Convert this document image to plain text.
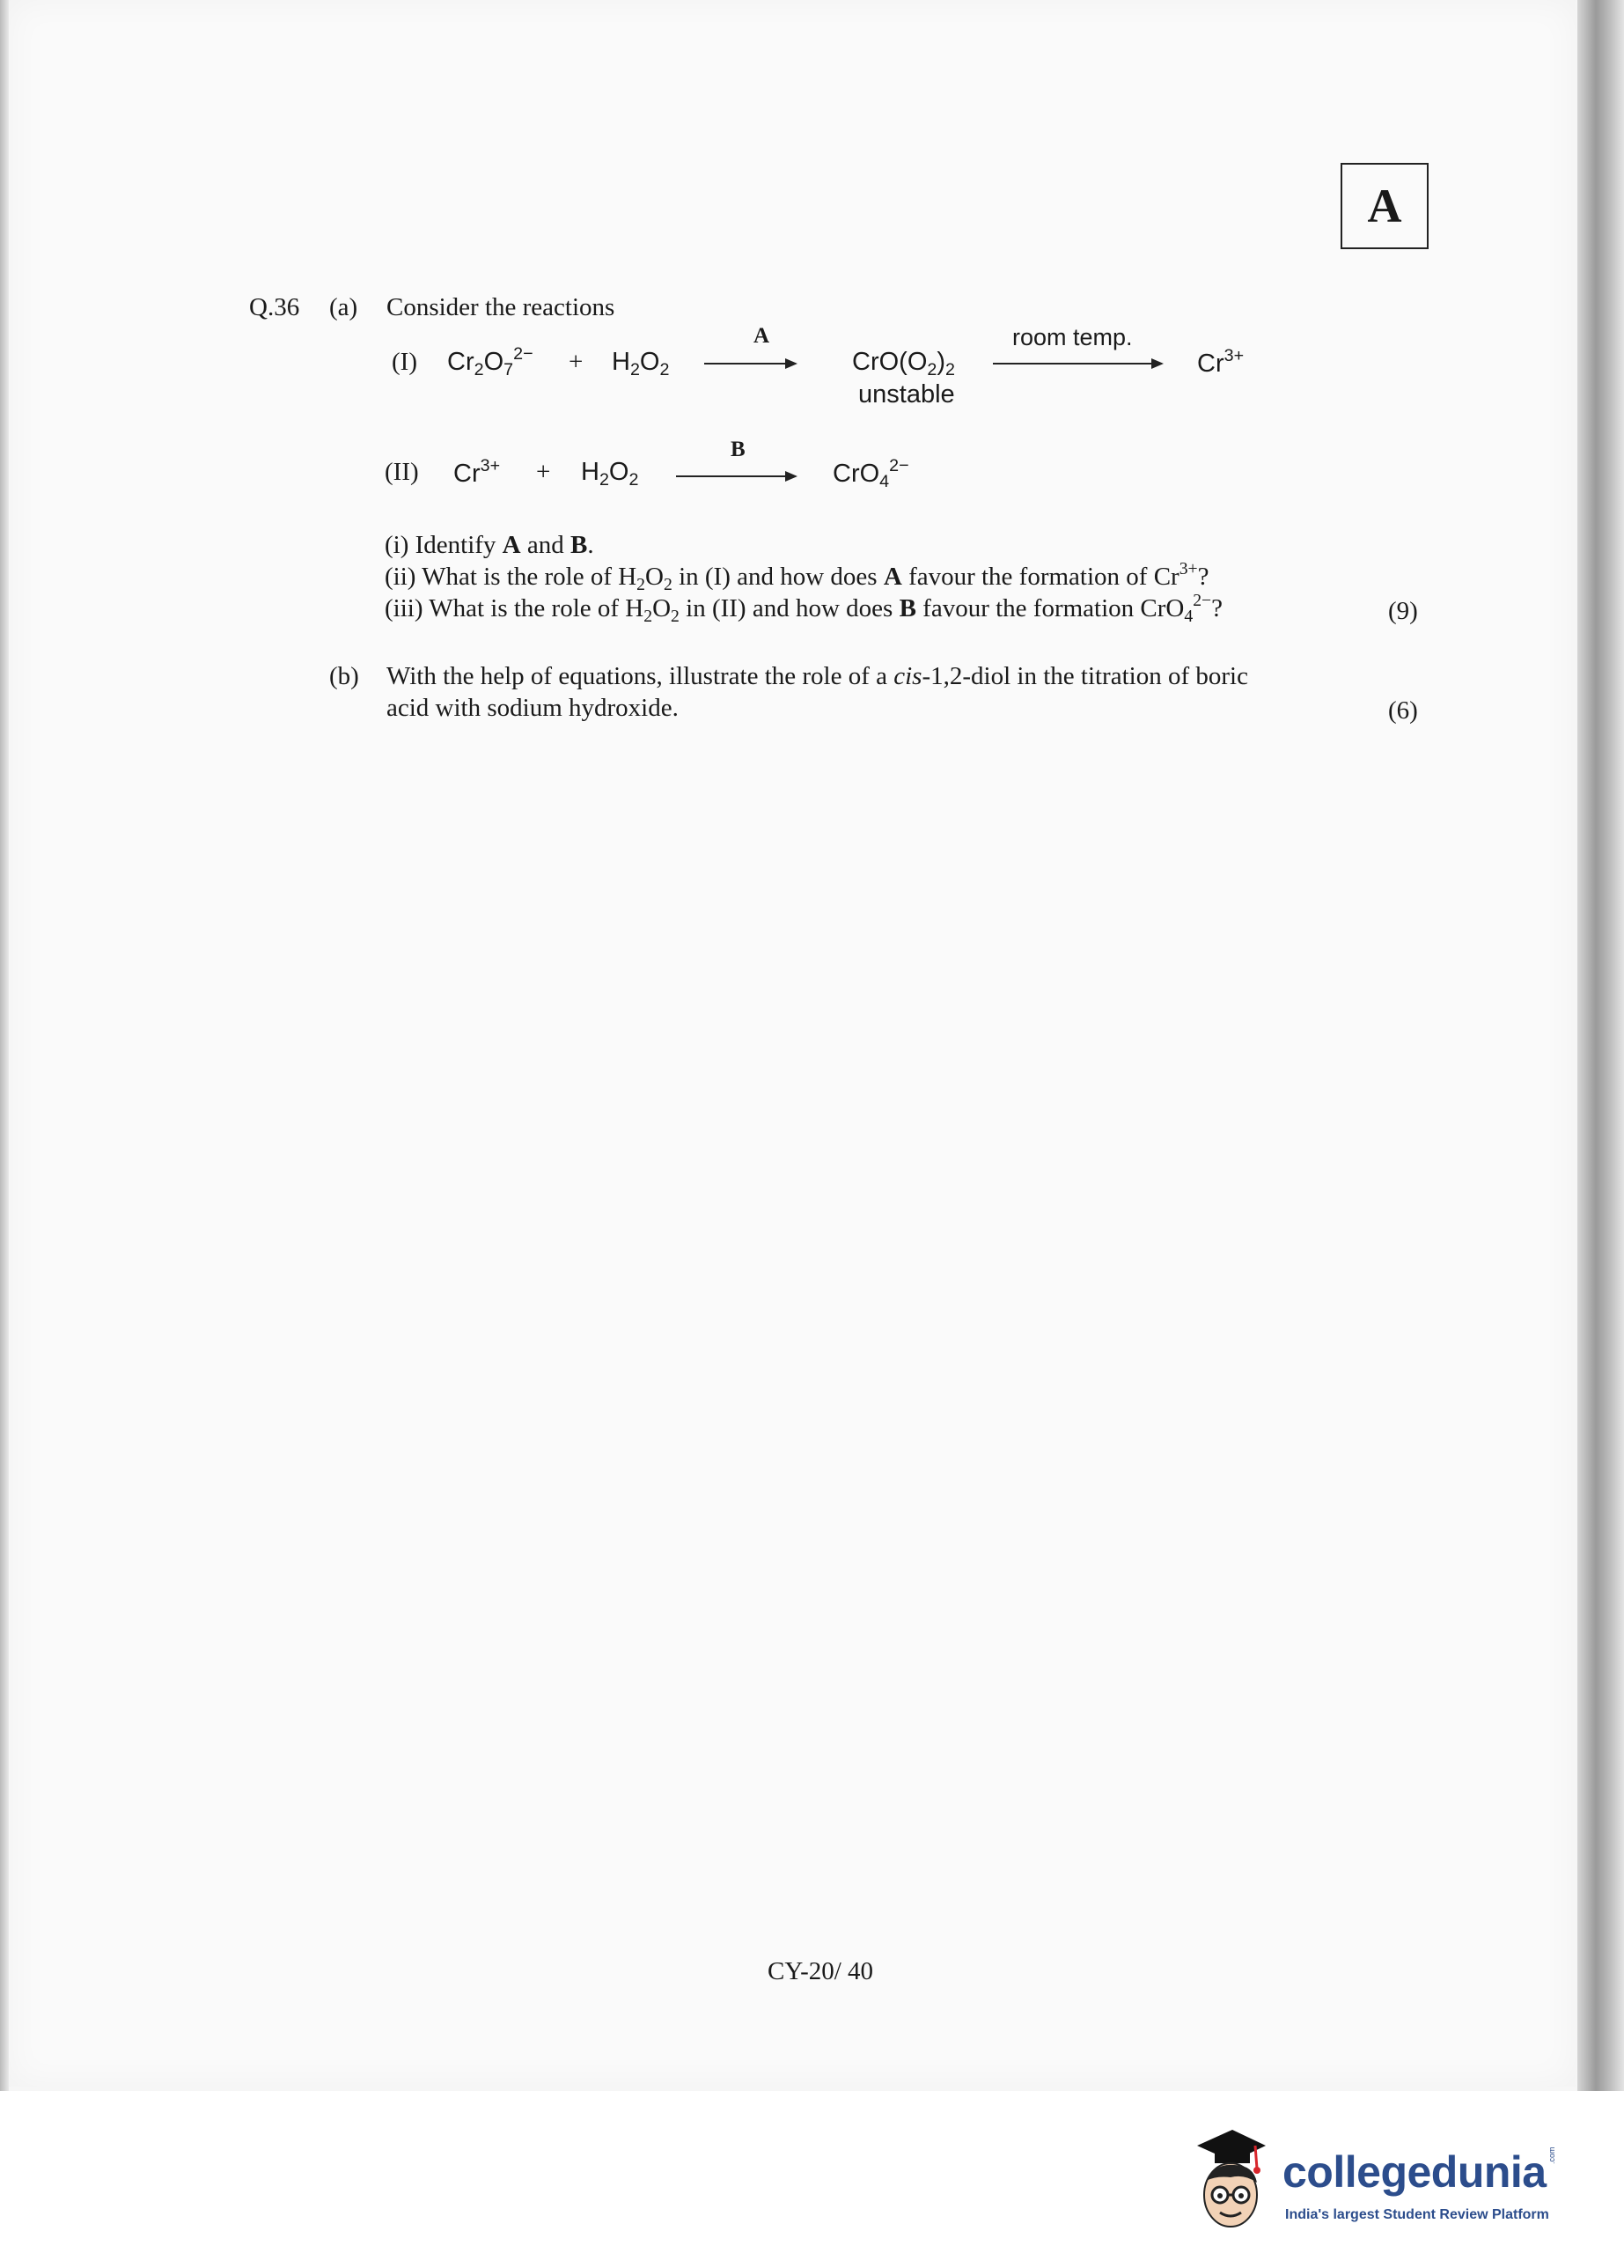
A
Q.36 (a) Consider the reactions
(I) $Cr_2O_7^{2-} + H_2O_2$
A
$CrO(O_2)_2$
unstable
room temp.
$Cr^{3+}$
(II) $Cr^{3+} + H_2O_2$
B
CrO$_4^{2-}$
(i) Identify A and B.
(ii) What is the role of $H_2O_2$ in (I) and how does A favour the formation of $Cr^{3+}$?
(iii) What is the role of $H_2O_2$ in (II) and how does B favour the formation CrO$_4^{2-}$?	(9)
(b) With the help of equations, illustrate the role of a cis-1,2-diol in the titration of boric
acid with sodium hydroxide.	(6)
CY-20/ 40
collegedunia .com
India's largest Student Review Platform
